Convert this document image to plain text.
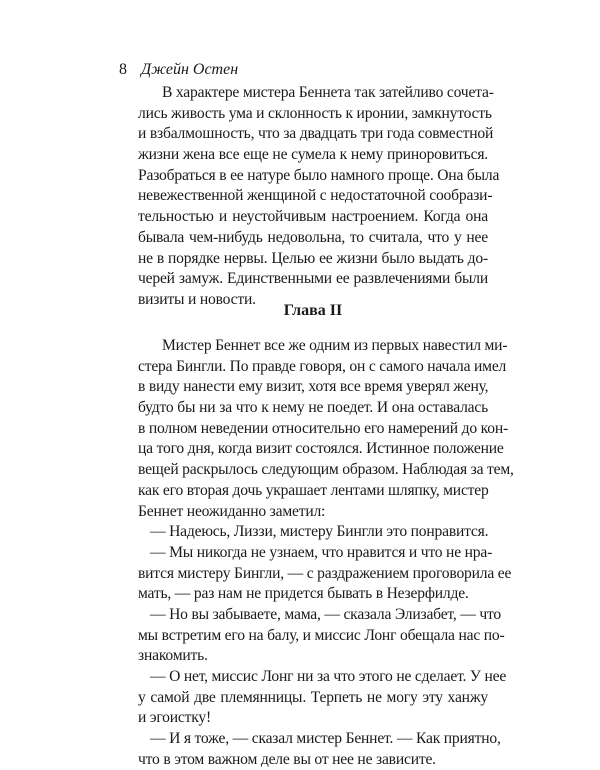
8 Джейн Остен
В характере мистера Беннета так затейливо сочета-
лись живость ума и склонность к иронии, замкнутость
и взбалмошность, что за двадцать три года совместной
жизни жена все еще не сумела к нему приноровиться.
Разобраться в ее натуре было намного проще. Она была
невежественной женщиной с недостаточной сообрази-
тельностью и неустойчивым настроением. Когда она
бывала чем-нибудь недовольна, то считала, что у нее
не в порядке нервы. Целью ее жизни было выдать до-
черей замуж. Единственными ее развлечениями были
визиты и новости.
Глава II
Мистер Беннет все же одним из первых навестил ми-
стера Бингли. По правде говоря, он с самого начала имел
в виду нанести ему визит, хотя все время уверял жену,
будто бы ни за что к нему не поедет. И она оставалась
в полном неведении относительно его намерений до кон-
ца того дня, когда визит состоялся. Истинное положение
вещей раскрылось следующим образом. Наблюдая за тем,
как его вторая дочь украшает лентами шляпку, мистер
Беннет неожиданно заметил:
— Надеюсь, Лиззи, мистеру Бингли это понравится.
— Мы никогда не узнаем, что нравится и что не нра-
вится мистеру Бингли, — с раздражением проговорила ее
мать, — раз нам не придется бывать в Незерфилде.
— Но вы забываете, мама, — сказала Элизабет, — что
мы встретим его на балу, и миссис Лонг обещала нас по-
знакомить.
— О нет, миссис Лонг ни за что этого не сделает. У нее
у самой две племянницы. Терпеть не могу эту ханжу
и эгоистку!
— И я тоже, — сказал мистер Беннет. — Как приятно,
что в этом важном деле вы от нее не зависите.
